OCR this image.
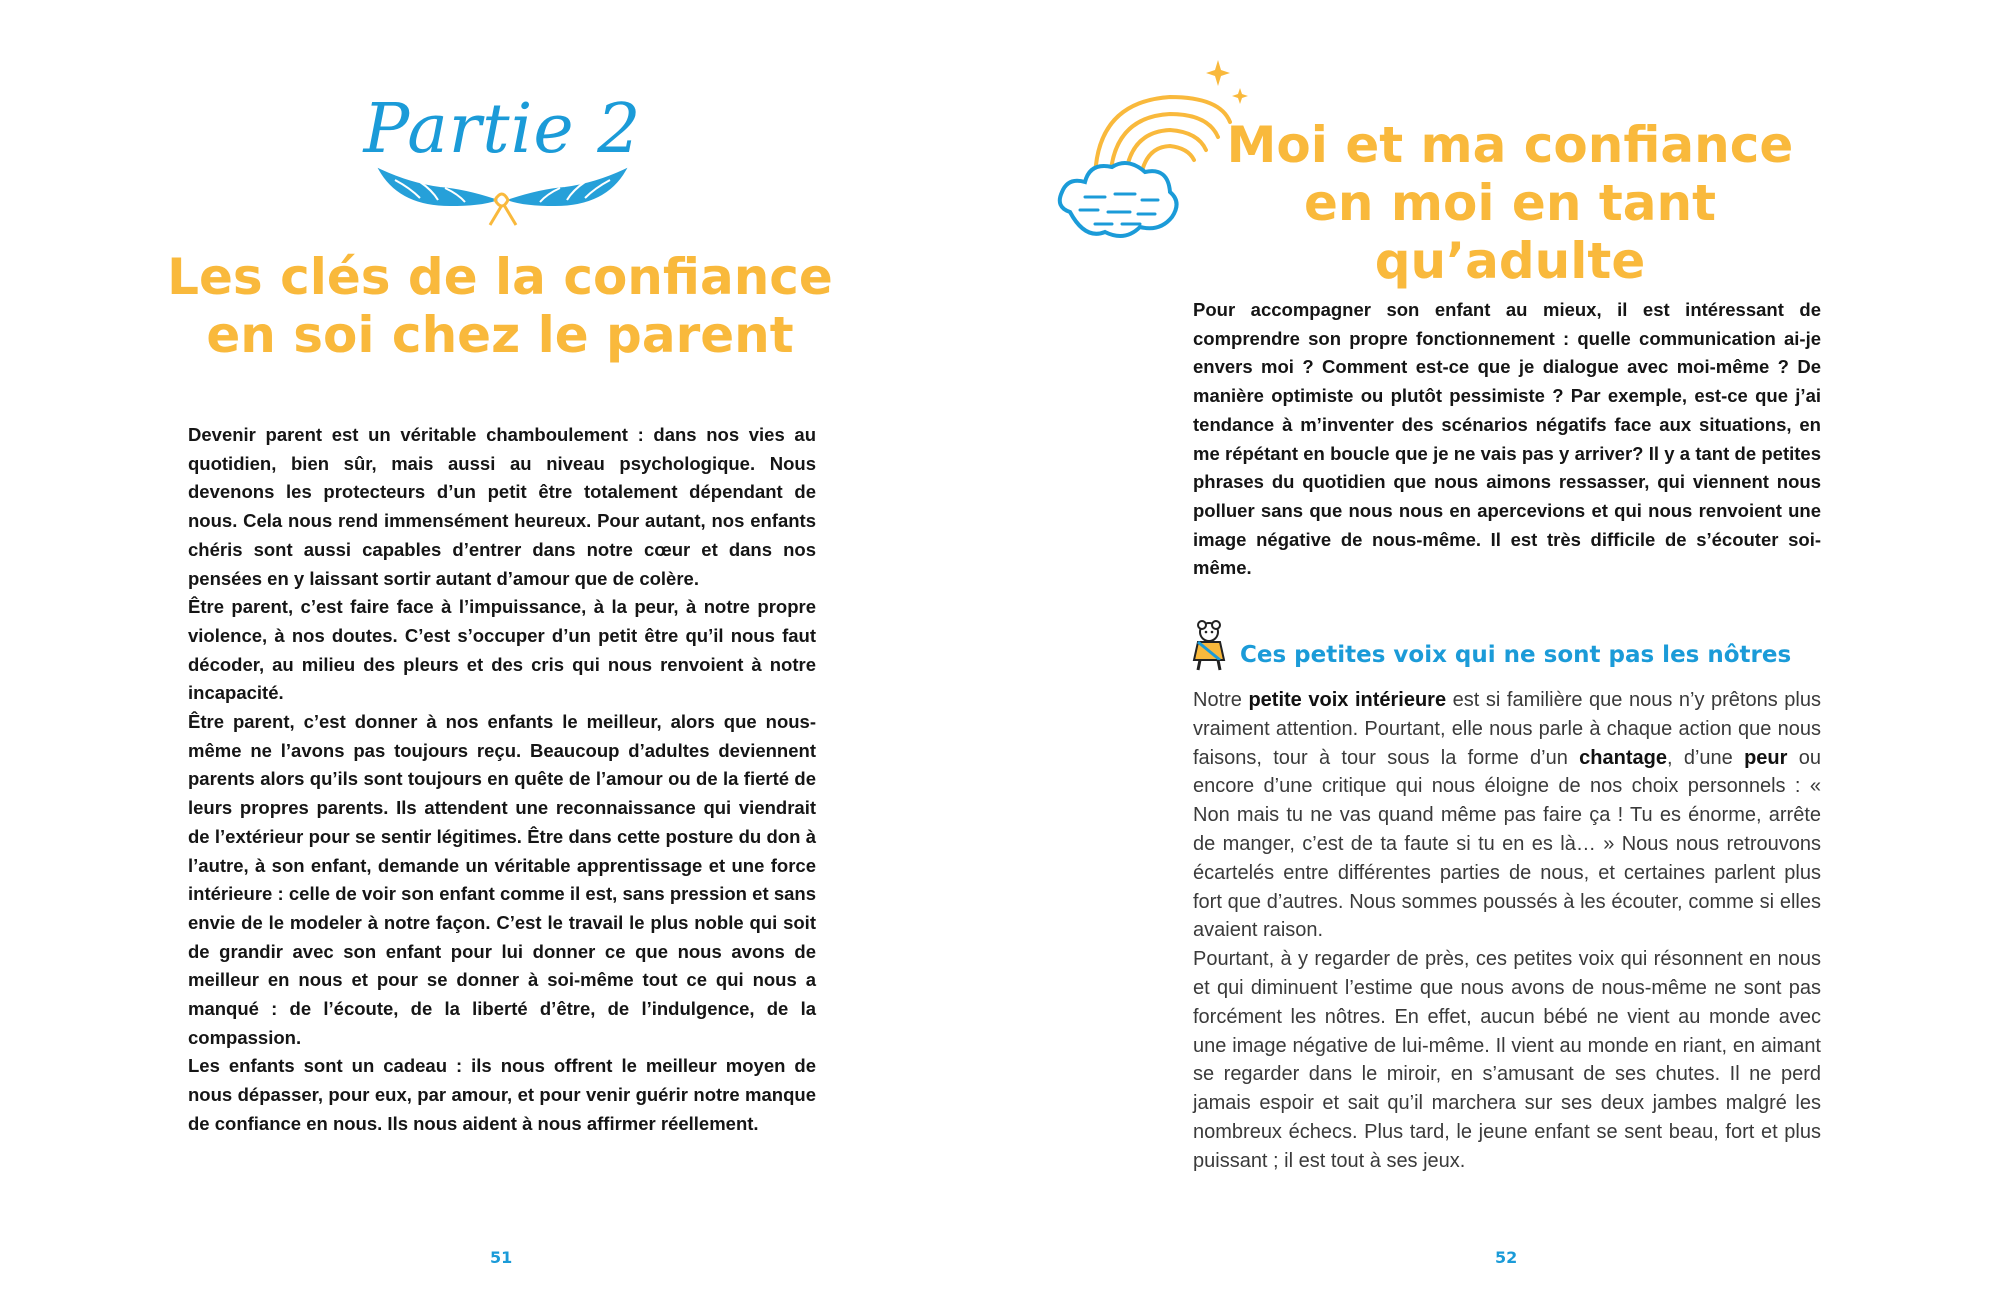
Partie 2
Les clés de la confiance
en soi chez le parent

Devenir parent est un véritable chamboulement : dans nos vies au quotidien, bien sûr, mais aussi au niveau psychologique. Nous devenons les protecteurs d’un petit être totalement dépendant de nous. Cela nous rend immensément heureux. Pour autant, nos enfants chéris sont aussi capables d’entrer dans notre cœur et dans nos pensées en y laissant sortir autant d’amour que de colère.

Être parent, c’est faire face à l’impuissance, à la peur, à notre propre violence, à nos doutes. C’est s’occuper d’un petit être qu’il nous faut décoder, au milieu des pleurs et des cris qui nous renvoient à notre incapacité.

Être parent, c’est donner à nos enfants le meilleur, alors que nous-même ne l’avons pas toujours reçu. Beaucoup d’adultes deviennent parents alors qu’ils sont toujours en quête de l’amour ou de la fierté de leurs propres parents. Ils attendent une reconnaissance qui viendrait de l’extérieur pour se sentir légitimes. Être dans cette posture du don à l’autre, à son enfant, demande un véritable apprentissage et une force intérieure : celle de voir son enfant comme il est, sans pression et sans envie de le modeler à notre façon. C’est le travail le plus noble qui soit de grandir avec son enfant pour lui donner ce que nous avons de meilleur en nous et pour se donner à soi-même tout ce qui nous a manqué : de l’écoute, de la liberté d’être, de l’indulgence, de la compassion.

Les enfants sont un cadeau : ils nous offrent le meilleur moyen de nous dépasser, pour eux, par amour, et pour venir guérir notre manque de confiance en nous. Ils nous aident à nous affirmer réellement.

51
Moi et ma confiance
en moi en tant qu’adulte

Pour accompagner son enfant au mieux, il est intéressant de comprendre son propre fonctionnement : quelle communication ai-je envers moi ? Comment est-ce que je dialogue avec moi-même ? De manière optimiste ou plutôt pessimiste ? Par exemple, est-ce que j’ai tendance à m’inventer des scénarios négatifs face aux situations, en me répétant en boucle que je ne vais pas y arriver? Il y a tant de petites phrases du quotidien que nous aimons ressasser, qui viennent nous polluer sans que nous nous en apercevions et qui nous renvoient une image négative de nous-même. Il est très difficile de s’écouter soi-même.

Ces petites voix qui ne sont pas les nôtres

Notre petite voix intérieure est si familière que nous n’y prêtons plus vraiment attention. Pourtant, elle nous parle à chaque action que nous faisons, tour à tour sous la forme d’un chantage, d’une peur ou encore d’une critique qui nous éloigne de nos choix personnels : « Non mais tu ne vas quand même pas faire ça ! Tu es énorme, arrête de manger, c’est de ta faute si tu en es là… » Nous nous retrouvons écartelés entre différentes parties de nous, et certaines parlent plus fort que d’autres. Nous sommes poussés à les écouter, comme si elles avaient raison.

Pourtant, à y regarder de près, ces petites voix qui résonnent en nous et qui diminuent l’estime que nous avons de nous-même ne sont pas forcément les nôtres. En effet, aucun bébé ne vient au monde avec une image négative de lui-même. Il vient au monde en riant, en aimant se regarder dans le miroir, en s’amusant de ses chutes. Il ne perd jamais espoir et sait qu’il marchera sur ses deux jambes malgré les nombreux échecs. Plus tard, le jeune enfant se sent beau, fort et plus puissant ; il est tout à ses jeux.

52
